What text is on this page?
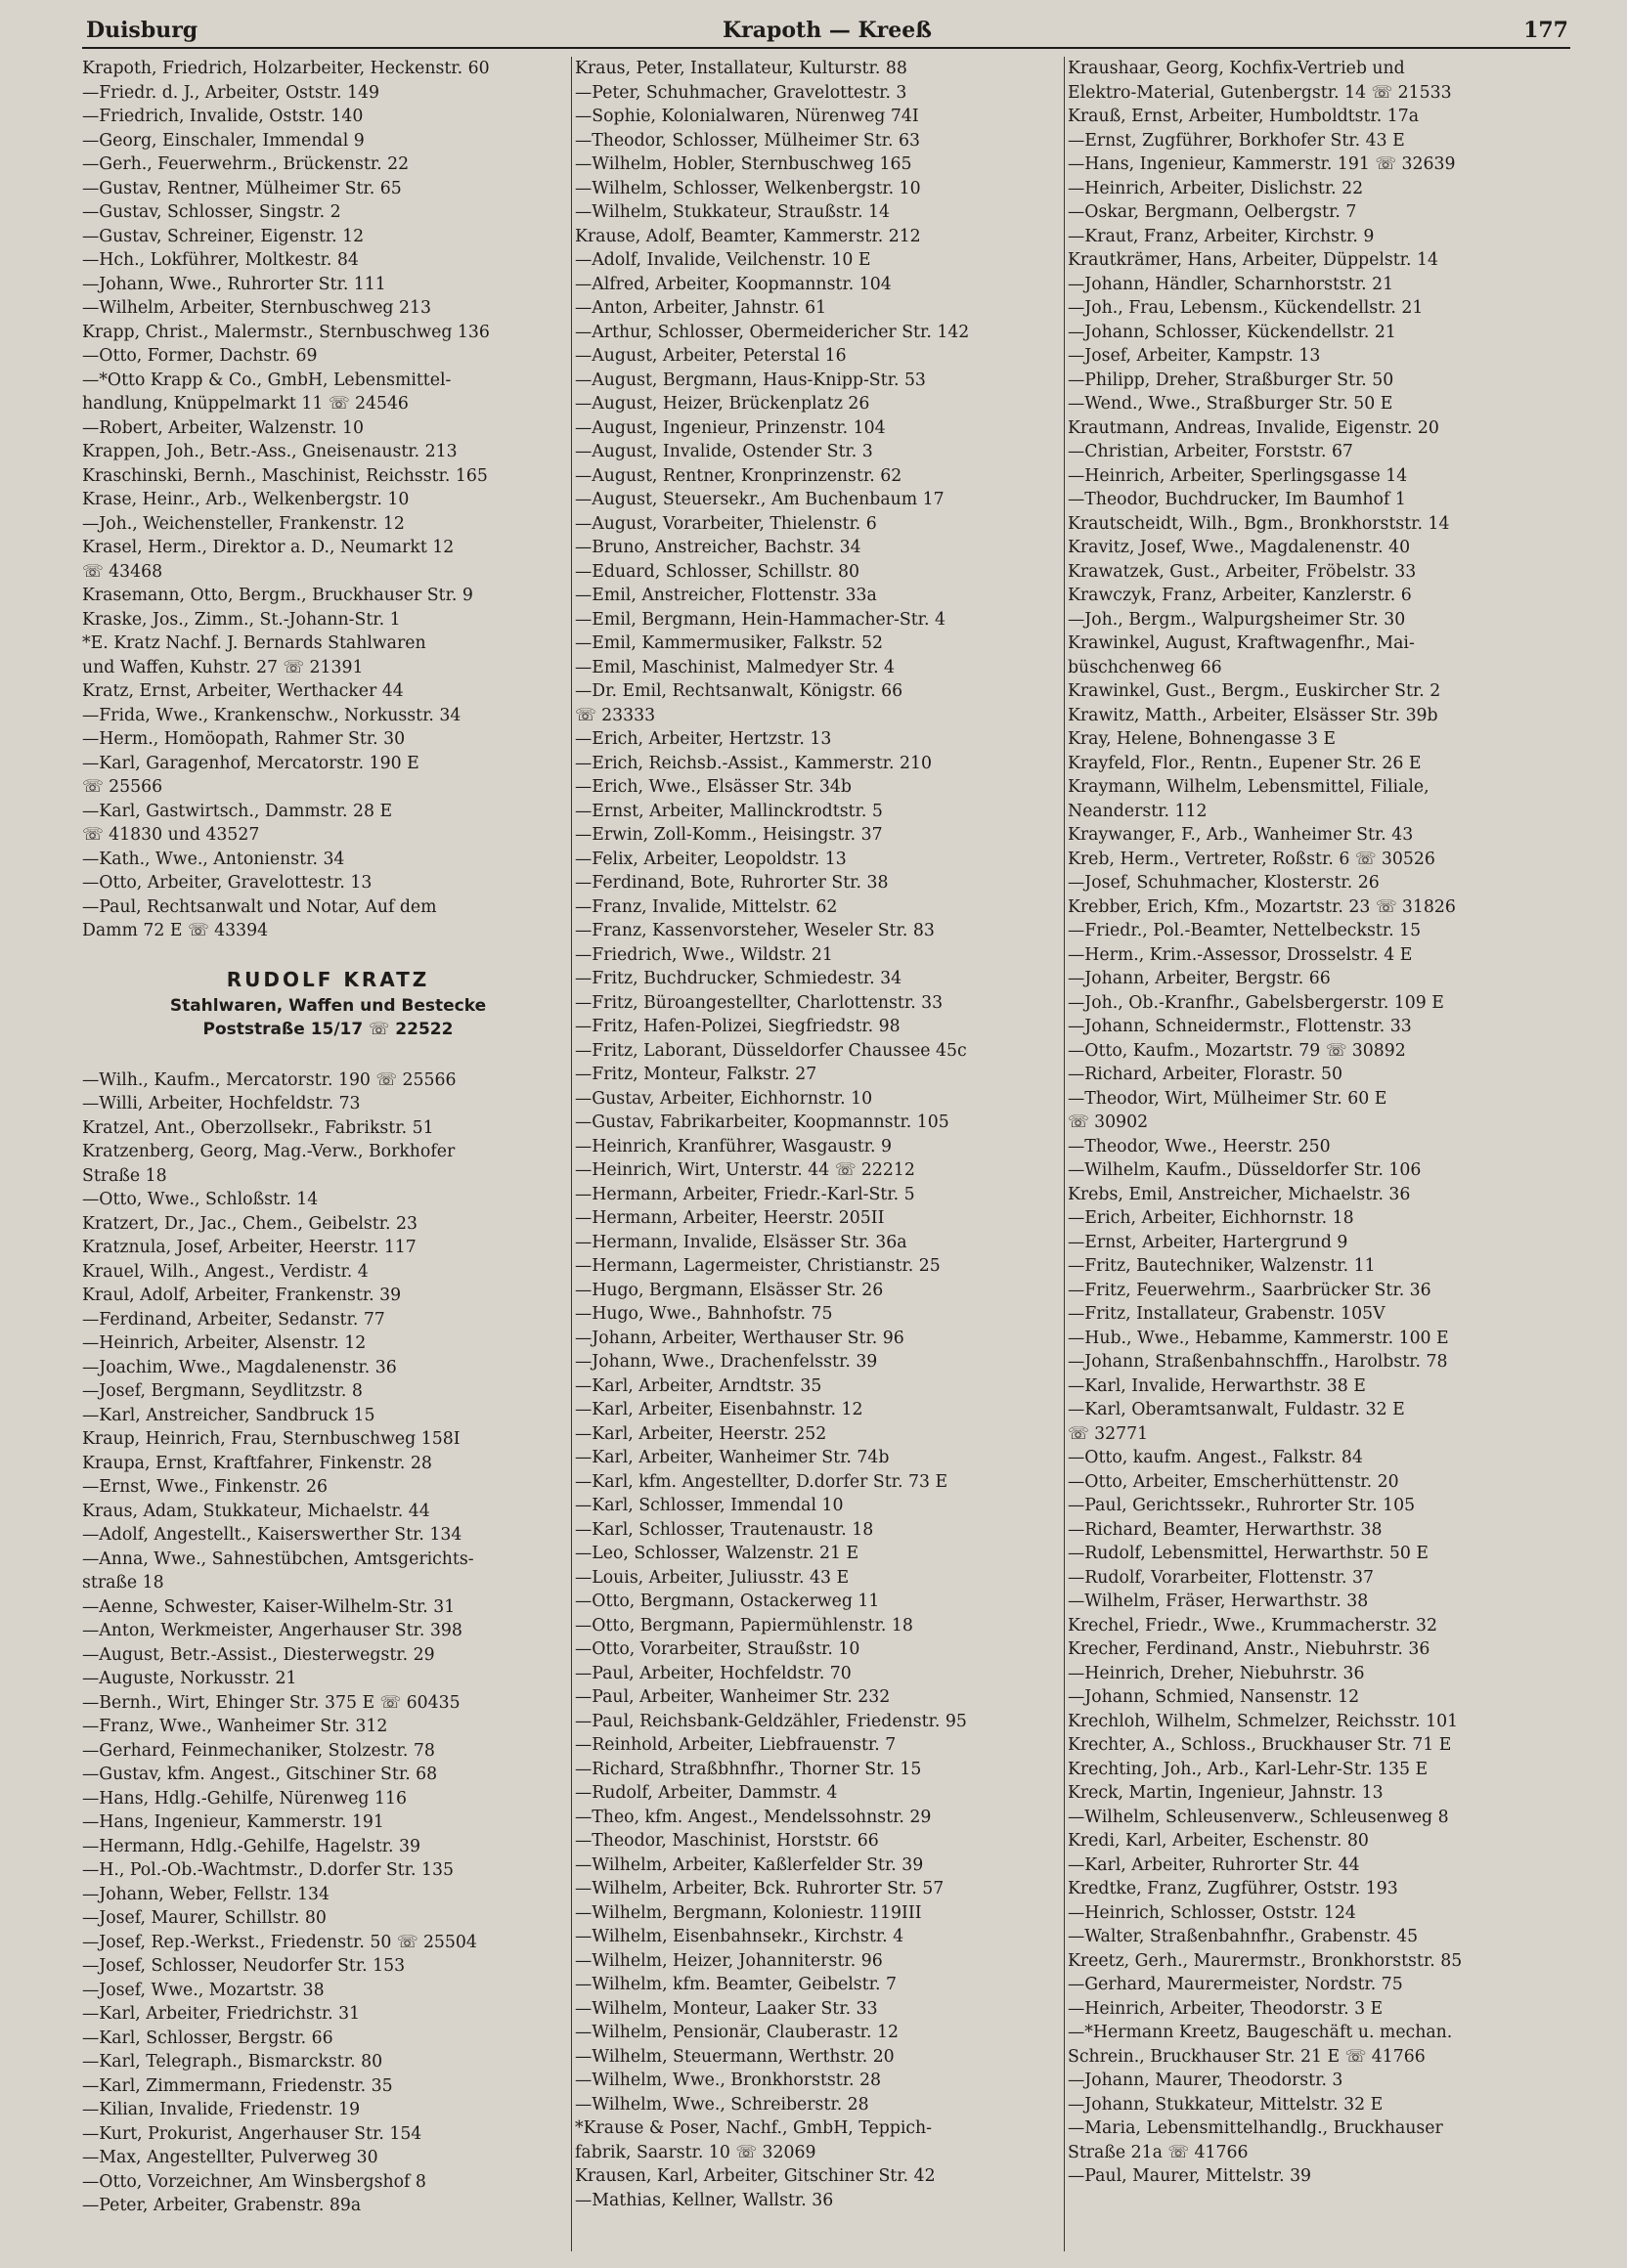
Duisburg	Krapoth — Kreeß	177
Krapoth, Friedrich, Holzarbeiter, Heckenstr. 60
—Friedr. d. J., Arbeiter, Oststr. 149
—Friedrich, Invalide, Oststr. 140
—Georg, Einschaler, Immendal 9
—Gerh., Feuerwehrm., Brückenstr. 22
—Gustav, Rentner, Mülheimer Str. 65
—Gustav, Schlosser, Singstr. 2
—Gustav, Schreiner, Eigenstr. 12
—Hch., Lokführer, Moltkestr. 84
—Johann, Wwe., Ruhrorter Str. 111
—Wilhelm, Arbeiter, Sternbuschweg 213
Krapp, Christ., Malermstr., Sternbuschweg 136
—Otto, Former, Dachstr. 69
—*Otto Krapp & Co., GmbH, Lebensmittel-
handlung, Knüppelmarkt 11 ☏ 24546
—Robert, Arbeiter, Walzenstr. 10
Krappen, Joh., Betr.-Ass., Gneisenaustr. 213
Kraschinski, Bernh., Maschinist, Reichsstr. 165
Krase, Heinr., Arb., Welkenbergstr. 10
—Joh., Weichensteller, Frankenstr. 12
Krasel, Herm., Direktor a. D., Neumarkt 12
☏ 43468
Krasemann, Otto, Bergm., Bruckhauser Str. 9
Kraske, Jos., Zimm., St.-Johann-Str. 1
*E. Kratz Nachf. J. Bernards Stahlwaren
und Waffen, Kuhstr. 27 ☏ 21391
Kratz, Ernst, Arbeiter, Werthacker 44
—Frida, Wwe., Krankenschw., Norkusstr. 34
—Herm., Homöopath, Rahmer Str. 30
—Karl, Garagenhof, Mercatorstr. 190 E
☏ 25566
—Karl, Gastwirtsch., Dammstr. 28 E
☏ 41830 und 43527
—Kath., Wwe., Antonienstr. 34
—Otto, Arbeiter, Gravelottestr. 13
—Paul, Rechtsanwalt und Notar, Auf dem
Damm 72 E ☏ 43394
RUDOLF KRATZ
Stahlwaren, Waffen und Bestecke
Poststraße 15/17 ☏ 22522
—Wilh., Kaufm., Mercatorstr. 190 ☏ 25566
—Willi, Arbeiter, Hochfeldstr. 73
Kratzel, Ant., Oberzollsekr., Fabrikstr. 51
Kratzenberg, Georg, Mag.-Verw., Borkhofer
Straße 18
—Otto, Wwe., Schloßstr. 14
Kratzert, Dr., Jac., Chem., Geibelstr. 23
Kratznula, Josef, Arbeiter, Heerstr. 117
Krauel, Wilh., Angest., Verdistr. 4
Kraul, Adolf, Arbeiter, Frankenstr. 39
—Ferdinand, Arbeiter, Sedanstr. 77
—Heinrich, Arbeiter, Alsenstr. 12
—Joachim, Wwe., Magdalenenstr. 36
—Josef, Bergmann, Seydlitzstr. 8
—Karl, Anstreicher, Sandbruck 15
Kraup, Heinrich, Frau, Sternbuschweg 158I
Kraupa, Ernst, Kraftfahrer, Finkenstr. 28
—Ernst, Wwe., Finkenstr. 26
Kraus, Adam, Stukkateur, Michaelstr. 44
—Adolf, Angestellt., Kaiserswerther Str. 134
—Anna, Wwe., Sahnestübchen, Amtsgerichts-
straße 18
—Aenne, Schwester, Kaiser-Wilhelm-Str. 31
—Anton, Werkmeister, Angerhauser Str. 398
—August, Betr.-Assist., Diesterwegstr. 29
—Auguste, Norkusstr. 21
—Bernh., Wirt, Ehinger Str. 375 E ☏ 60435
—Franz, Wwe., Wanheimer Str. 312
—Gerhard, Feinmechaniker, Stolzestr. 78
—Gustav, kfm. Angest., Gitschiner Str. 68
—Hans, Hdlg.-Gehilfe, Nürenweg 116
—Hans, Ingenieur, Kammerstr. 191
—Hermann, Hdlg.-Gehilfe, Hagelstr. 39
—H., Pol.-Ob.-Wachtmstr., D.dorfer Str. 135
—Johann, Weber, Fellstr. 134
—Josef, Maurer, Schillstr. 80
—Josef, Rep.-Werkst., Friedenstr. 50 ☏ 25504
—Josef, Schlosser, Neudorfer Str. 153
—Josef, Wwe., Mozartstr. 38
—Karl, Arbeiter, Friedrichstr. 31
—Karl, Schlosser, Bergstr. 66
—Karl, Telegraph., Bismarckstr. 80
—Karl, Zimmermann, Friedenstr. 35
—Kilian, Invalide, Friedenstr. 19
—Kurt, Prokurist, Angerhauser Str. 154
—Max, Angestellter, Pulverweg 30
—Otto, Vorzeichner, Am Winsbergshof 8
—Peter, Arbeiter, Grabenstr. 89a
Kraus, Peter, Installateur, Kulturstr. 88
—Peter, Schuhmacher, Gravelottestr. 3
—Sophie, Kolonialwaren, Nürenweg 74I
—Theodor, Schlosser, Mülheimer Str. 63
—Wilhelm, Hobler, Sternbuschweg 165
—Wilhelm, Schlosser, Welkenbergstr. 10
—Wilhelm, Stukkateur, Straußstr. 14
Krause, Adolf, Beamter, Kammerstr. 212
—Adolf, Invalide, Veilchenstr. 10 E
—Alfred, Arbeiter, Koopmannstr. 104
—Anton, Arbeiter, Jahnstr. 61
—Arthur, Schlosser, Obermeidericher Str. 142
—August, Arbeiter, Peterstal 16
—August, Bergmann, Haus-Knipp-Str. 53
—August, Heizer, Brückenplatz 26
—August, Ingenieur, Prinzenstr. 104
—August, Invalide, Ostender Str. 3
—August, Rentner, Kronprinzenstr. 62
—August, Steuersekr., Am Buchenbaum 17
—August, Vorarbeiter, Thielenstr. 6
—Bruno, Anstreicher, Bachstr. 34
—Eduard, Schlosser, Schillstr. 80
—Emil, Anstreicher, Flottenstr. 33a
—Emil, Bergmann, Hein-Hammacher-Str. 4
—Emil, Kammermusiker, Falkstr. 52
—Emil, Maschinist, Malmedyer Str. 4
—Dr. Emil, Rechtsanwalt, Königstr. 66
☏ 23333
—Erich, Arbeiter, Hertzstr. 13
—Erich, Reichsb.-Assist., Kammerstr. 210
—Erich, Wwe., Elsässer Str. 34b
—Ernst, Arbeiter, Mallinckrodtstr. 5
—Erwin, Zoll-Komm., Heisingstr. 37
—Felix, Arbeiter, Leopoldstr. 13
—Ferdinand, Bote, Ruhrorter Str. 38
—Franz, Invalide, Mittelstr. 62
—Franz, Kassenvorsteher, Weseler Str. 83
—Friedrich, Wwe., Wildstr. 21
—Fritz, Buchdrucker, Schmiedestr. 34
—Fritz, Büroangestellter, Charlottenstr. 33
—Fritz, Hafen-Polizei, Siegfriedstr. 98
—Fritz, Laborant, Düsseldorfer Chaussee 45c
—Fritz, Monteur, Falkstr. 27
—Gustav, Arbeiter, Eichhornstr. 10
—Gustav, Fabrikarbeiter, Koopmannstr. 105
—Heinrich, Kranführer, Wasgaustr. 9
—Heinrich, Wirt, Unterstr. 44 ☏ 22212
—Hermann, Arbeiter, Friedr.-Karl-Str. 5
—Hermann, Arbeiter, Heerstr. 205II
—Hermann, Invalide, Elsässer Str. 36a
—Hermann, Lagermeister, Christianstr. 25
—Hugo, Bergmann, Elsässer Str. 26
—Hugo, Wwe., Bahnhofstr. 75
—Johann, Arbeiter, Werthauser Str. 96
—Johann, Wwe., Drachenfelsstr. 39
—Karl, Arbeiter, Arndtstr. 35
—Karl, Arbeiter, Eisenbahnstr. 12
—Karl, Arbeiter, Heerstr. 252
—Karl, Arbeiter, Wanheimer Str. 74b
—Karl, kfm. Angestellter, D.dorfer Str. 73 E
—Karl, Schlosser, Immendal 10
—Karl, Schlosser, Trautenaustr. 18
—Leo, Schlosser, Walzenstr. 21 E
—Louis, Arbeiter, Juliusstr. 43 E
—Otto, Bergmann, Ostackerweg 11
—Otto, Bergmann, Papiermühlenstr. 18
—Otto, Vorarbeiter, Straußstr. 10
—Paul, Arbeiter, Hochfeldstr. 70
—Paul, Arbeiter, Wanheimer Str. 232
—Paul, Reichsbank-Geldzähler, Friedenstr. 95
—Reinhold, Arbeiter, Liebfrauenstr. 7
—Richard, Straßbhnfhr., Thorner Str. 15
—Rudolf, Arbeiter, Dammstr. 4
—Theo, kfm. Angest., Mendelssohnstr. 29
—Theodor, Maschinist, Horststr. 66
—Wilhelm, Arbeiter, Kaßlerfelder Str. 39
—Wilhelm, Arbeiter, Bck. Ruhrorter Str. 57
—Wilhelm, Bergmann, Koloniestr. 119III
—Wilhelm, Eisenbahnsekr., Kirchstr. 4
—Wilhelm, Heizer, Johanniterstr. 96
—Wilhelm, kfm. Beamter, Geibelstr. 7
—Wilhelm, Monteur, Laaker Str. 33
—Wilhelm, Pensionär, Clauberastr. 12
—Wilhelm, Steuermann, Werthstr. 20
—Wilhelm, Wwe., Bronkhorststr. 28
—Wilhelm, Wwe., Schreiberstr. 28
*Krause & Poser, Nachf., GmbH, Teppich-
fabrik, Saarstr. 10 ☏ 32069
Krausen, Karl, Arbeiter, Gitschiner Str. 42
—Mathias, Kellner, Wallstr. 36
Kraushaar, Georg, Kochfix-Vertrieb und
Elektro-Material, Gutenbergstr. 14 ☏ 21533
Krauß, Ernst, Arbeiter, Humboldtstr. 17a
—Ernst, Zugführer, Borkhofer Str. 43 E
—Hans, Ingenieur, Kammerstr. 191 ☏ 32639
—Heinrich, Arbeiter, Dislichstr. 22
—Oskar, Bergmann, Oelbergstr. 7
—Kraut, Franz, Arbeiter, Kirchstr. 9
Krautkrämer, Hans, Arbeiter, Düppelstr. 14
—Johann, Händler, Scharnhorststr. 21
—Joh., Frau, Lebensm., Kückendellstr. 21
—Johann, Schlosser, Kückendellstr. 21
—Josef, Arbeiter, Kampstr. 13
—Philipp, Dreher, Straßburger Str. 50
—Wend., Wwe., Straßburger Str. 50 E
Krautmann, Andreas, Invalide, Eigenstr. 20
—Christian, Arbeiter, Forststr. 67
—Heinrich, Arbeiter, Sperlingsgasse 14
—Theodor, Buchdrucker, Im Baumhof 1
Krautscheidt, Wilh., Bgm., Bronkhorststr. 14
Kravitz, Josef, Wwe., Magdalenenstr. 40
Krawatzek, Gust., Arbeiter, Fröbelstr. 33
Krawczyk, Franz, Arbeiter, Kanzlerstr. 6
—Joh., Bergm., Walpurgsheimer Str. 30
Krawinkel, August, Kraftwagenfhr., Mai-
büschchenweg 66
Krawinkel, Gust., Bergm., Euskircher Str. 2
Krawitz, Matth., Arbeiter, Elsässer Str. 39b
Kray, Helene, Bohnengasse 3 E
Krayfeld, Flor., Rentn., Eupener Str. 26 E
Kraymann, Wilhelm, Lebensmittel, Filiale,
Neanderstr. 112
Kraywanger, F., Arb., Wanheimer Str. 43
Kreb, Herm., Vertreter, Roßstr. 6 ☏ 30526
—Josef, Schuhmacher, Klosterstr. 26
Krebber, Erich, Kfm., Mozartstr. 23 ☏ 31826
—Friedr., Pol.-Beamter, Nettelbeckstr. 15
—Herm., Krim.-Assessor, Drosselstr. 4 E
—Johann, Arbeiter, Bergstr. 66
—Joh., Ob.-Kranfhr., Gabelsbergerstr. 109 E
—Johann, Schneidermstr., Flottenstr. 33
—Otto, Kaufm., Mozartstr. 79 ☏ 30892
—Richard, Arbeiter, Florastr. 50
—Theodor, Wirt, Mülheimer Str. 60 E
☏ 30902
—Theodor, Wwe., Heerstr. 250
—Wilhelm, Kaufm., Düsseldorfer Str. 106
Krebs, Emil, Anstreicher, Michaelstr. 36
—Erich, Arbeiter, Eichhornstr. 18
—Ernst, Arbeiter, Hartergrund 9
—Fritz, Bautechniker, Walzenstr. 11
—Fritz, Feuerwehrm., Saarbrücker Str. 36
—Fritz, Installateur, Grabenstr. 105V
—Hub., Wwe., Hebamme, Kammerstr. 100 E
—Johann, Straßenbahnschffn., Harolbstr. 78
—Karl, Invalide, Herwarthstr. 38 E
—Karl, Oberamtsanwalt, Fuldastr. 32 E
☏ 32771
—Otto, kaufm. Angest., Falkstr. 84
—Otto, Arbeiter, Emscherhüttenstr. 20
—Paul, Gerichtssekr., Ruhrorter Str. 105
—Richard, Beamter, Herwarthstr. 38
—Rudolf, Lebensmittel, Herwarthstr. 50 E
—Rudolf, Vorarbeiter, Flottenstr. 37
—Wilhelm, Fräser, Herwarthstr. 38
Krechel, Friedr., Wwe., Krummacherstr. 32
Krecher, Ferdinand, Anstr., Niebuhrstr. 36
—Heinrich, Dreher, Niebuhrstr. 36
—Johann, Schmied, Nansenstr. 12
Krechloh, Wilhelm, Schmelzer, Reichsstr. 101
Krechter, A., Schloss., Bruckhauser Str. 71 E
Krechting, Joh., Arb., Karl-Lehr-Str. 135 E
Kreck, Martin, Ingenieur, Jahnstr. 13
—Wilhelm, Schleusenverw., Schleusenweg 8
Kredi, Karl, Arbeiter, Eschenstr. 80
—Karl, Arbeiter, Ruhrorter Str. 44
Kredtke, Franz, Zugführer, Oststr. 193
—Heinrich, Schlosser, Oststr. 124
—Walter, Straßenbahnfhr., Grabenstr. 45
Kreetz, Gerh., Maurermstr., Bronkhorststr. 85
—Gerhard, Maurermeister, Nordstr. 75
—Heinrich, Arbeiter, Theodorstr. 3 E
—*Hermann Kreetz, Baugeschäft u. mechan.
Schrein., Bruckhauser Str. 21 E ☏ 41766
—Johann, Maurer, Theodorstr. 3
—Johann, Stukkateur, Mittelstr. 32 E
—Maria, Lebensmittelhandlg., Bruckhauser
Straße 21a ☏ 41766
—Paul, Maurer, Mittelstr. 39
